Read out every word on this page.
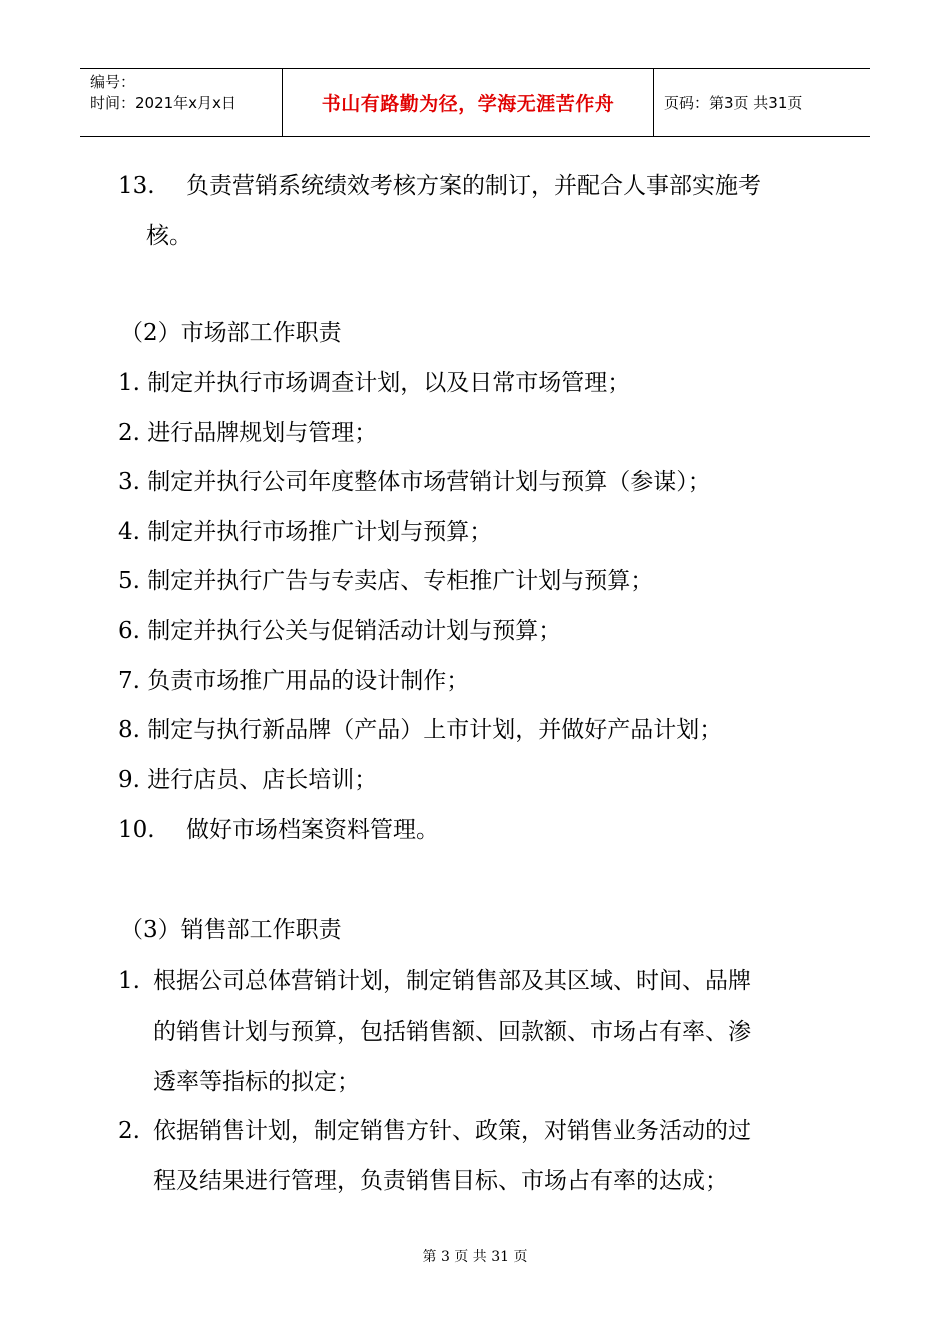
编号：
时间：2021年x月x日	书山有路勤为径，学海无涯苦作舟	页码：第3页 共31页
13. 负责营销系统绩效考核方案的制订，并配合人事部实施考
核。
（2）市场部工作职责
1. 制定并执行市场调查计划，以及日常市场管理；
2. 进行品牌规划与管理；
3. 制定并执行公司年度整体市场营销计划与预算（参谋）；
4. 制定并执行市场推广计划与预算；
5. 制定并执行广告与专卖店、专柜推广计划与预算；
6. 制定并执行公关与促销活动计划与预算；
7. 负责市场推广用品的设计制作；
8. 制定与执行新品牌（产品）上市计划，并做好产品计划；
9. 进行店员、店长培训；
10. 做好市场档案资料管理。
（3）销售部工作职责
1. 根据公司总体营销计划，制定销售部及其区域、时间、品牌
的销售计划与预算，包括销售额、回款额、市场占有率、渗
透率等指标的拟定；
2. 依据销售计划，制定销售方针、政策，对销售业务活动的过
程及结果进行管理，负责销售目标、市场占有率的达成；
第 3 页 共 31 页
